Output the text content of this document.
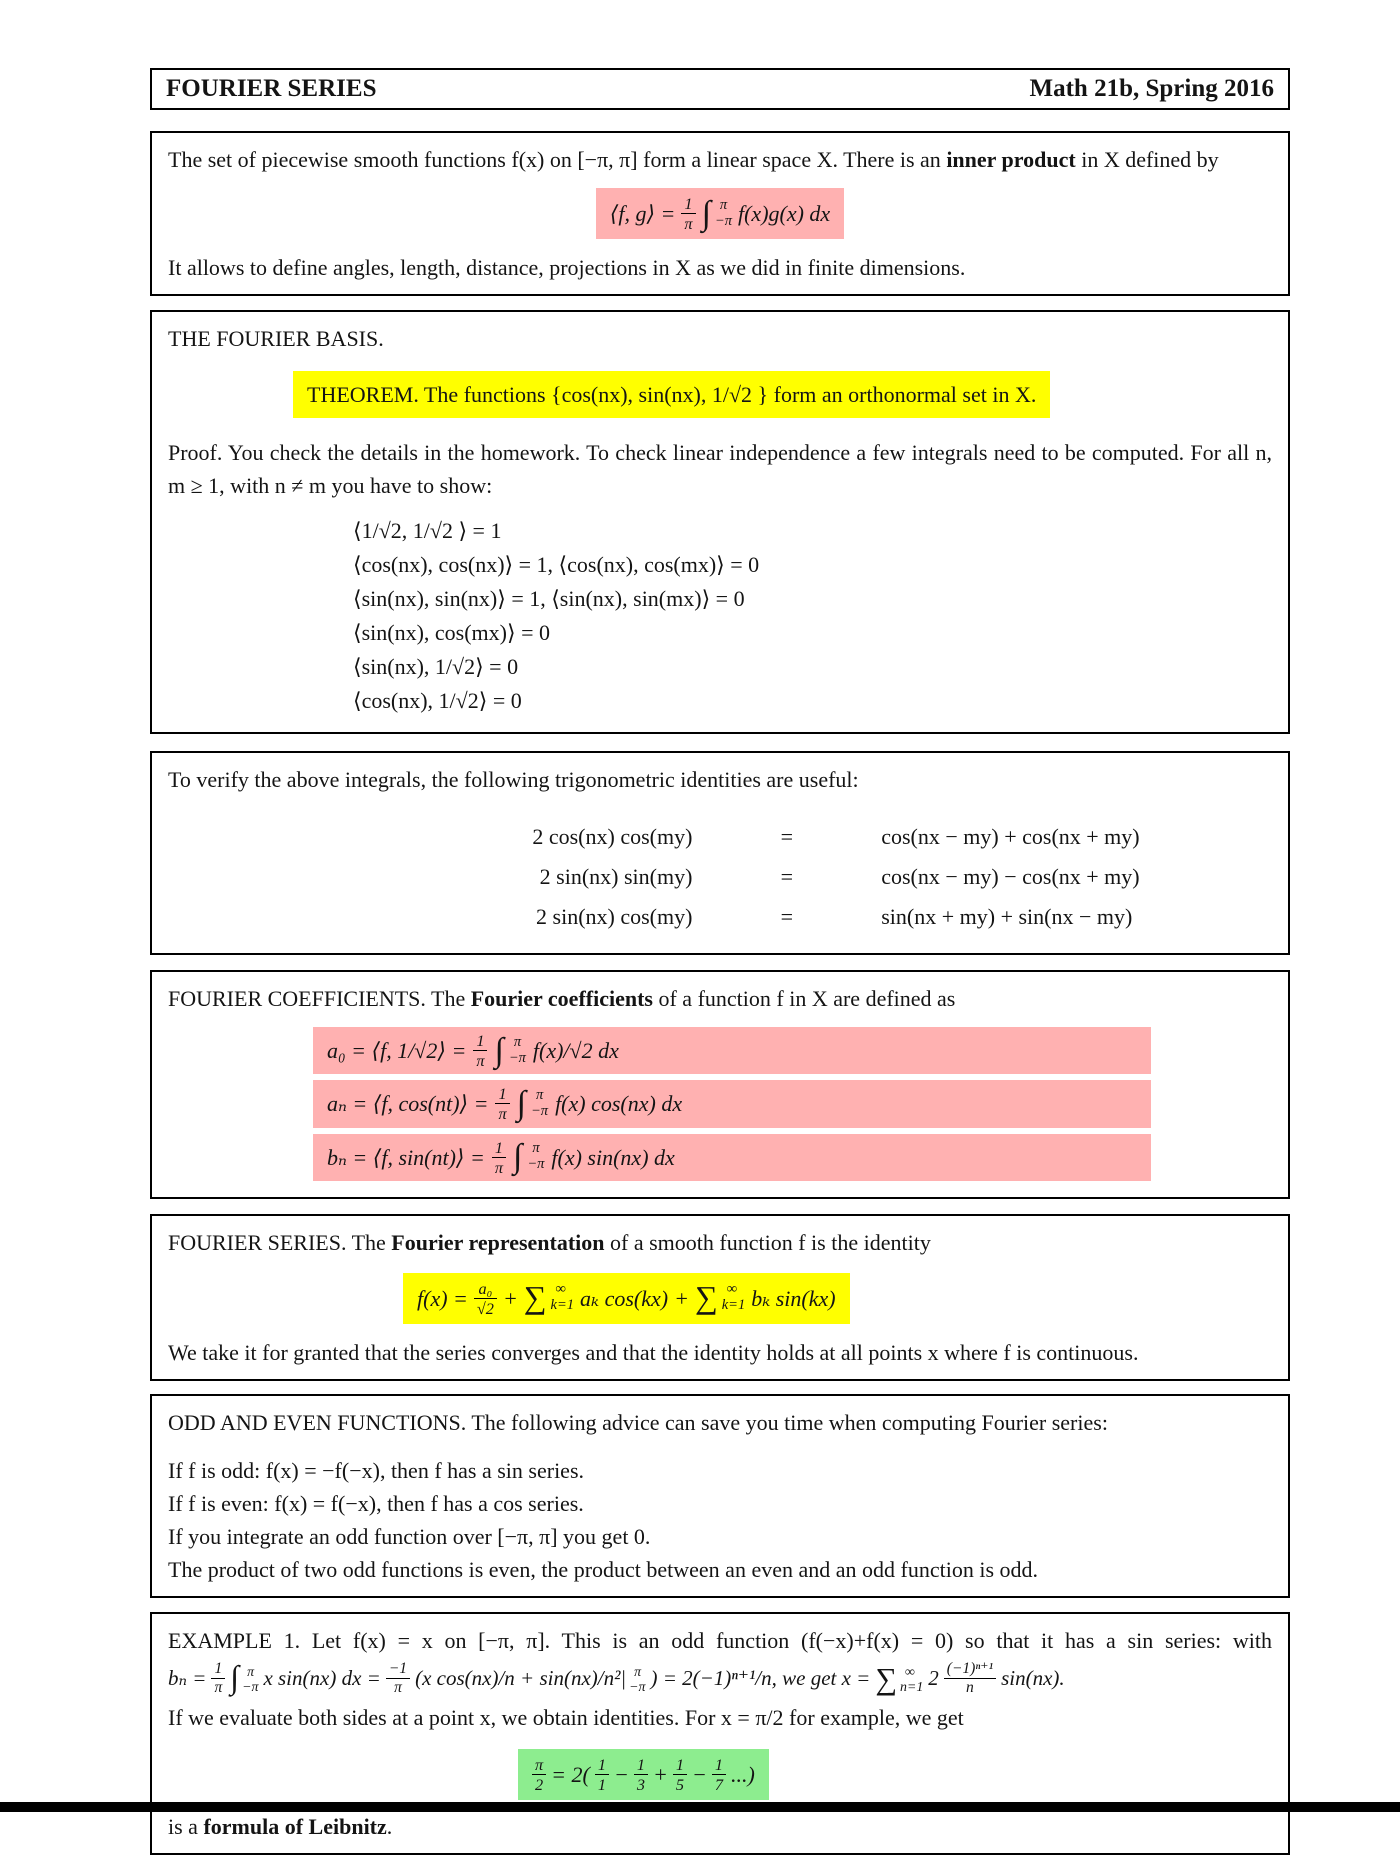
FOURIER SERIES	Math 21b, Spring 2016
The set of piecewise smooth functions f(x) on [−π, π] form a linear space X. There is an inner product in X defined by
⟨f, g⟩ = $\frac{1}{\pi}$ ∫ π
−π f(x)g(x) dx
It allows to define angles, length, distance, projections in X as we did in finite dimensions.
THE FOURIER BASIS.
THEOREM. The functions {cos(nx), sin(nx), 1/√2 } form an orthonormal set in X.
Proof. You check the details in the homework. To check linear independence a few integrals need to be computed. For all n, m ≥ 1, with n ≠ m you have to show:
⟨1/√2, 1/√2 ⟩ = 1
⟨cos(nx), cos(nx)⟩ = 1, ⟨cos(nx), cos(mx)⟩ = 0
⟨sin(nx), sin(nx)⟩ = 1, ⟨sin(nx), sin(mx)⟩ = 0
⟨sin(nx), cos(mx)⟩ = 0
⟨sin(nx), 1/√2⟩ = 0
⟨cos(nx), 1/√2⟩ = 0
To verify the above integrals, the following trigonometric identities are useful:
2 cos(nx) cos(my)	=	cos(nx − my) + cos(nx + my)
2 sin(nx) sin(my)	=	cos(nx − my) − cos(nx + my)
2 sin(nx) cos(my)	=	sin(nx + my) + sin(nx − my)
FOURIER COEFFICIENTS. The Fourier coefficients of a function f in X are defined as
a₀ = ⟨f, 1/√2⟩ = $\frac{1}{\pi}$ ∫ π
−π f(x)/√2 dx
aₙ = ⟨f, cos(nt)⟩ = $\frac{1}{\pi}$ ∫ π
−π f(x) cos(nx) dx
bₙ = ⟨f, sin(nt)⟩ = $\frac{1}{\pi}$ ∫ π
−π f(x) sin(nx) dx
FOURIER SERIES. The Fourier representation of a smooth function f is the identity
$f(x) = \frac{\text{a₀}}{√2}$ + ∑ ∞
k=1 aₖ cos(kx) + ∑ ∞
k=1 bₖ sin(kx)
We take it for granted that the series converges and that the identity holds at all points x where f is continuous.
ODD AND EVEN FUNCTIONS. The following advice can save you time when computing Fourier series:
If f is odd: f(x) = −f(−x), then f has a sin series.
If f is even: f(x) = f(−x), then f has a cos series.
If you integrate an odd function over [−π, π] you get 0.
The product of two odd functions is even, the product between an even and an odd function is odd.
EXAMPLE 1. Let f(x) = x on [−π, π]. This is an odd function (f(−x)+f(x) = 0) so that it has a sin series: with
$b_n = \frac{1}{\pi}$ ∫ π
−π x sin(nx) dx = $\frac{-1}{\pi} (x$ cos(nx)/n + sin(nx)/n²| π
−π ) = 2(−1)ⁿ⁺¹/n, we get x = ∑ ∞
n=1 $2 \frac{\text{(−1)ⁿ⁺¹}}{n} \sin(nx)$.
If we evaluate both sides at a point x, we obtain identities. For x = π/2 for example, we get
$\frac{\pi}{2} = 2( \frac{1}{1} - \frac{1}{3} + \frac{1}{5} - \frac{1}{7}$ ...)
is a formula of Leibnitz.
